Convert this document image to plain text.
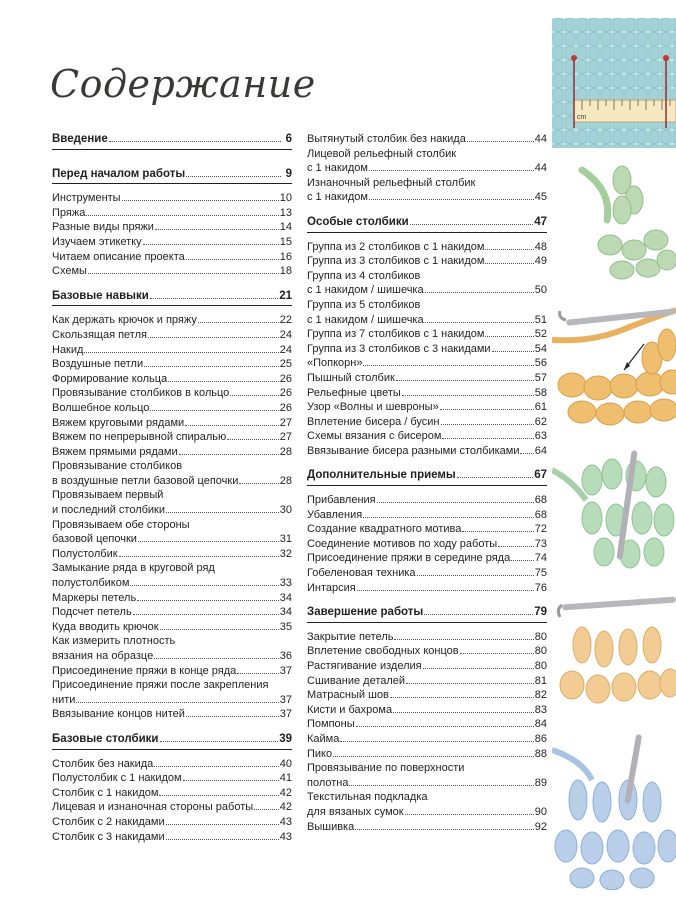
Содержание
Введение	6
Перед началом работы	9
Инструменты	10
Пряжа	13
Разные виды пряжи	14
Изучаем этикетку	15
Читаем описание проекта	16
Схемы	18
Базовые навыки	21
Как держать крючок и пряжу	22
Скользящая петля	24
Накид	24
Воздушные петли	25
Формирование кольца	26
Провязывание столбиков в кольцо	26
Волшебное кольцо	26
Вяжем круговыми рядами	27
Вяжем по непрерывной спиралью	27
Вяжем прямыми рядами	28
Провязывание столбиков
в воздушные петли базовой цепочки	28
Провязываем первый
и последний столбики	30
Провязываем обе стороны
базовой цепочки	31
Полустолбик	32
Замыкание ряда в круговой ряд
полустолбиком	33
Маркеры петель	34
Подсчет петель	34
Куда вводить крючок	35
Как измерить плотность
вязания на образце	36
Присоединение пряжи в конце ряда	37
Присоединение пряжи после закрепления
нити	37
Ввязывание концов нитей	37
Базовые столбики	39
Столбик без накида	40
Полустолбик с 1 накидом	41
Столбик с 1 накидом	42
Лицевая и изнаночная стороны работы 42
Столбик с 2 накидами	43
Столбик с 3 накидами	43
Вытянутый столбик без накида	44
Лицевой рельефный столбик
с 1 накидом	44
Изнаночный рельефный столбик
с 1 накидом	45
Особые столбики	47
Группа из 2 столбиков с 1 накидом	48
Группа из 3 столбиков с 1 накидом	49
Группа из 4 столбиков
с 1 накидом / шишечка	50
Группа из 5 столбиков
с 1 накидом / шишечка	51
Группа из 7 столбиков с 1 накидом	52
Группа из 3 столбиков с 3 накидами	54
«Попкорн»	56
Пышный столбик	57
Рельефные цветы	58
Узор «Волны и шевроны»	61
Вплетение бисера / бусин	62
Схемы вязания с бисером	63
Ввязывание бисера разными столбиками 64
Дополнительные приемы	67
Прибавления	68
Убавления	68
Создание квадратного мотива	72
Соединение мотивов по ходу работы	73
Присоединение пряжи в середине ряда 74
Гобеленовая техника	75
Интарсия	76
Завершение работы	79
Закрытие петель	80
Вплетение свободных концов	80
Растягивание изделия	80
Сшивание деталей	81
Матрасный шов	82
Кисти и бахрома	83
Помпоны	84
Кайма	86
Пико	88
Провязывание по поверхности
полотна	89
Текстильная подкладка
для вязаных сумок	90
Вышивка	92
cm
